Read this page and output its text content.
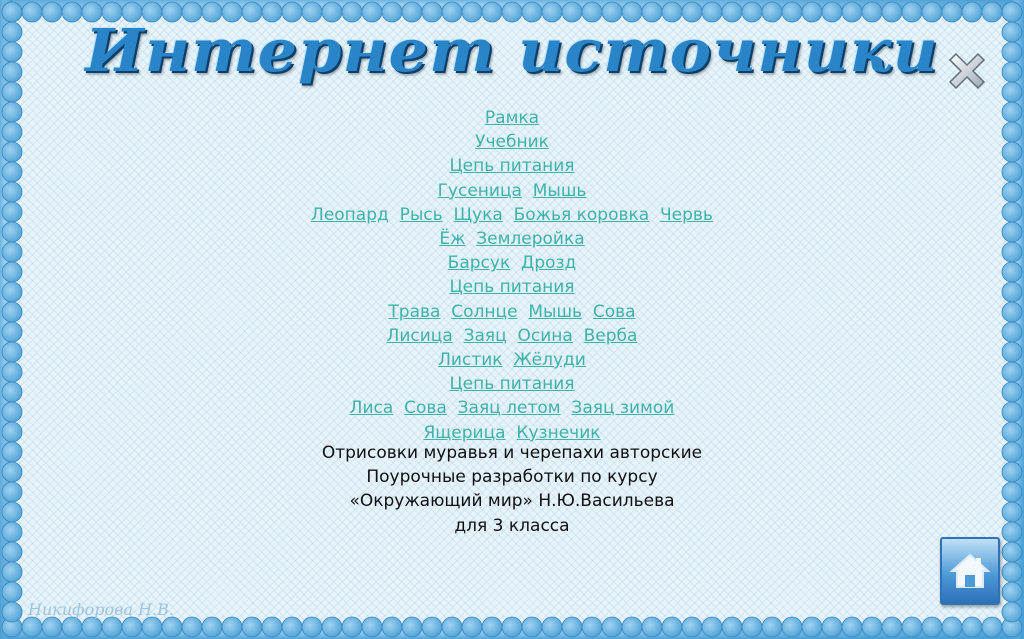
Интернет источники
Рамка
Учебник
Цепь питания
Гусеница Мышь
Леопард Рысь Щука Божья коровка Червь
Ёж Землеройка
Барсук Дрозд
Цепь питания
Трава Солнце Мышь Сова
Лисица Заяц Осина Верба
Листик Жёлуди
Цепь питания
Лиса Сова Заяц летом Заяц зимой
Ящерица Кузнечик
Отрисовки муравья и черепахи авторские
Поурочные разработки по курсу
«Окружающий мир» Н.Ю.Васильева
для 3 класса
Никифорова Н.В.
